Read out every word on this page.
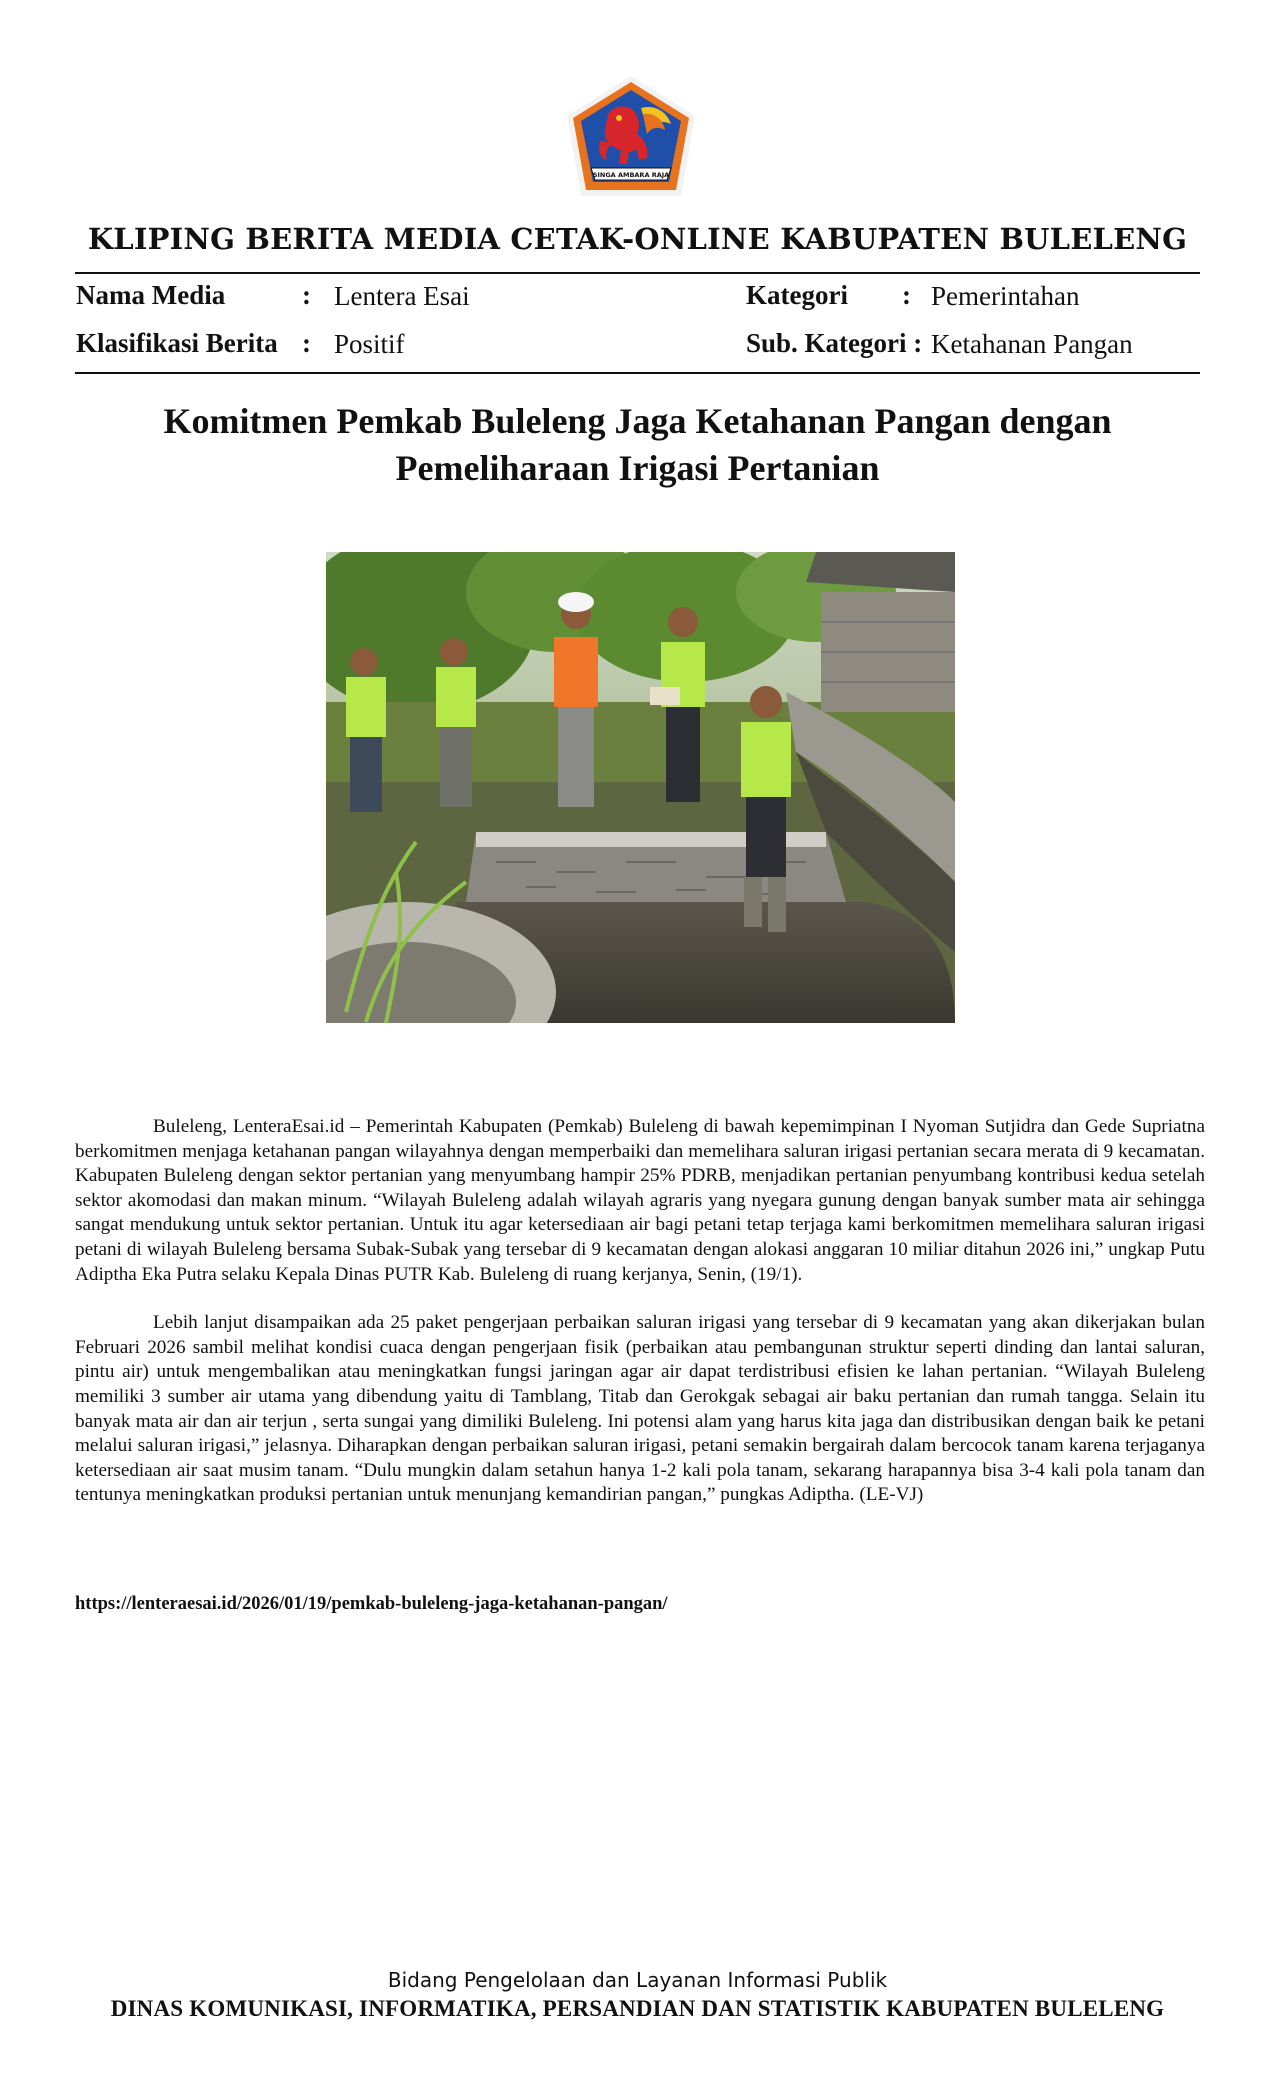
SINGA AMBARA RAJA
KLIPING BERITA MEDIA CETAK-ONLINE KABUPATEN BULELENG
Nama Media	: Lentera Esai
Klasifikasi Berita : Positif
Kategori : Pemerintahan
Sub. Kategori : Ketahanan Pangan
Komitmen Pemkab Buleleng Jaga Ketahanan Pangan dengan
Pemeliharaan Irigasi Pertanian

Buleleng, LenteraEsai.id – Pemerintah Kabupaten (Pemkab) Buleleng di bawah kepemimpinan I Nyoman Sutjidra dan Gede Supriatna berkomitmen menjaga ketahanan pangan wilayahnya dengan memperbaiki dan memelihara saluran irigasi pertanian secara merata di 9 kecamatan. Kabupaten Buleleng dengan sektor pertanian yang menyumbang hampir 25% PDRB, menjadikan pertanian penyumbang kontribusi kedua setelah sektor akomodasi dan makan minum. “Wilayah Buleleng adalah wilayah agraris yang nyegara gunung dengan banyak sumber mata air sehingga sangat mendukung untuk sektor pertanian. Untuk itu agar ketersediaan air bagi petani tetap terjaga kami berkomitmen memelihara saluran irigasi petani di wilayah Buleleng bersama Subak-Subak yang tersebar di 9 kecamatan dengan alokasi anggaran 10 miliar ditahun 2026 ini,” ungkap Putu Adiptha Eka Putra selaku Kepala Dinas PUTR Kab. Buleleng di ruang kerjanya, Senin, (19/1).

Lebih lanjut disampaikan ada 25 paket pengerjaan perbaikan saluran irigasi yang tersebar di 9 kecamatan yang akan dikerjakan bulan Februari 2026 sambil melihat kondisi cuaca dengan pengerjaan fisik (perbaikan atau pembangunan struktur seperti dinding dan lantai saluran, pintu air) untuk mengembalikan atau meningkatkan fungsi jaringan agar air dapat terdistribusi efisien ke lahan pertanian. “Wilayah Buleleng memiliki 3 sumber air utama yang dibendung yaitu di Tamblang, Titab dan Gerokgak sebagai air baku pertanian dan rumah tangga. Selain itu banyak mata air dan air terjun , serta sungai yang dimiliki Buleleng. Ini potensi alam yang harus kita jaga dan distribusikan dengan baik ke petani melalui saluran irigasi,” jelasnya. Diharapkan dengan perbaikan saluran irigasi, petani semakin bergairah dalam bercocok tanam karena terjaganya ketersediaan air saat musim tanam. “Dulu mungkin dalam setahun hanya 1-2 kali pola tanam, sekarang harapannya bisa 3-4 kali pola tanam dan tentunya meningkatkan produksi pertanian untuk menunjang kemandirian pangan,” pungkas Adiptha. (LE-VJ)

https://lenteraesai.id/2026/01/19/pemkab-buleleng-jaga-ketahanan-pangan/
Bidang Pengelolaan dan Layanan Informasi Publik
DINAS KOMUNIKASI, INFORMATIKA, PERSANDIAN DAN STATISTIK KABUPATEN BULELENG
